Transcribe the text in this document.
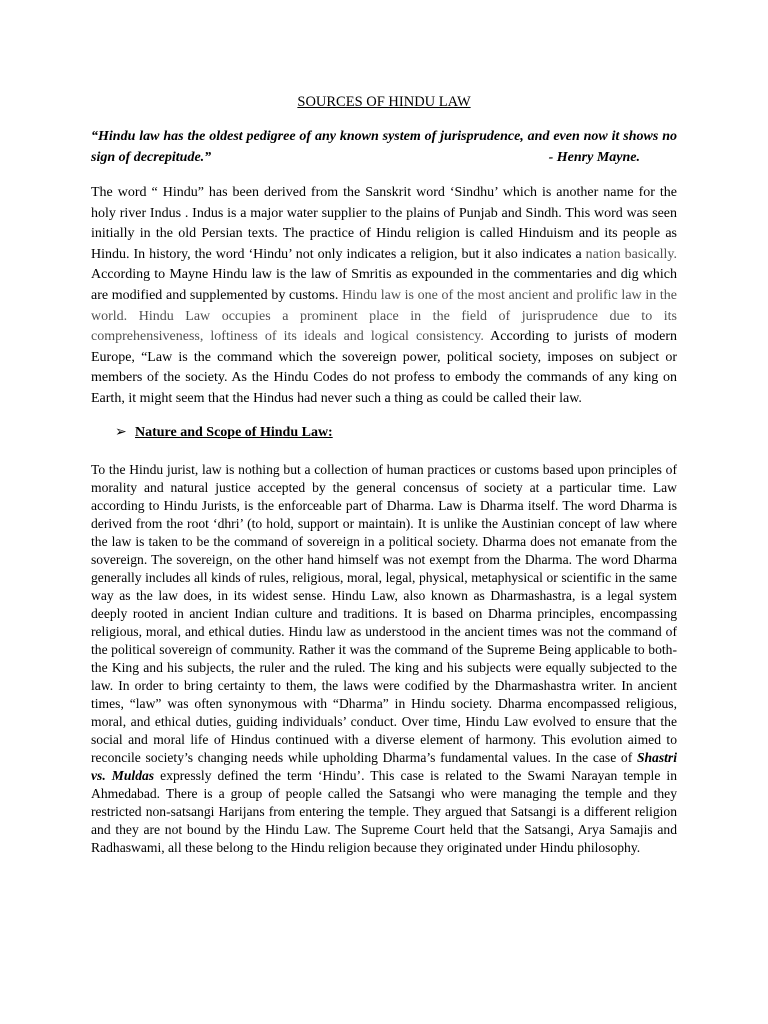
SOURCES OF HINDU LAW
“Hindu law has the oldest pedigree of any known system of jurisprudence, and even now it shows no sign of decrepitude.”	- Henry Mayne.

The word “ Hindu” has been derived from the Sanskrit word ‘Sindhu’ which is another name for the holy river Indus . Indus is a major water supplier to the plains of Punjab and Sindh. This word was seen initially in the old Persian texts. The practice of Hindu religion is called Hinduism and its people as Hindu. In history, the word ‘Hindu’ not only indicates a religion, but it also indicates a nation basically. According to Mayne Hindu law is the law of Smritis as expounded in the commentaries and dig which are modified and supplemented by customs. Hindu law is one of the most ancient and prolific law in the world. Hindu Law occupies a prominent place in the field of jurisprudence due to its comprehensiveness, loftiness of its ideals and logical consistency. According to jurists of modern Europe, “Law is the command which the sovereign power, political society, imposes on subject or members of the society. As the Hindu Codes do not profess to embody the commands of any king on Earth, it might seem that the Hindus had never such a thing as could be called their law.

➢ Nature and Scope of Hindu Law:

To the Hindu jurist, law is nothing but a collection of human practices or customs based upon principles of morality and natural justice accepted by the general concensus of society at a particular time. Law according to Hindu Jurists, is the enforceable part of Dharma. Law is Dharma itself. The word Dharma is derived from the root ‘dhri’ (to hold, support or maintain). It is unlike the Austinian concept of law where the law is taken to be the command of sovereign in a political society. Dharma does not emanate from the sovereign. The sovereign, on the other hand himself was not exempt from the Dharma. The word Dharma generally includes all kinds of rules, religious, moral, legal, physical, metaphysical or scientific in the same way as the law does, in its widest sense. Hindu Law, also known as Dharmashastra, is a legal system deeply rooted in ancient Indian culture and traditions. It is based on Dharma principles, encompassing religious, moral, and ethical duties. Hindu law as understood in the ancient times was not the command of the political sovereign of community. Rather it was the command of the Supreme Being applicable to both- the King and his subjects, the ruler and the ruled. The king and his subjects were equally subjected to the law. In order to bring certainty to them, the laws were codified by the Dharmashastra writer. In ancient times, “law” was often synonymous with “Dharma” in Hindu society. Dharma encompassed religious, moral, and ethical duties, guiding individuals’ conduct. Over time, Hindu Law evolved to ensure that the social and moral life of Hindus continued with a diverse element of harmony. This evolution aimed to reconcile society’s changing needs while upholding Dharma’s fundamental values. In the case of Shastri vs. Muldas expressly defined the term ‘Hindu’. This case is related to the Swami Narayan temple in Ahmedabad. There is a group of people called the Satsangi who were managing the temple and they restricted non-satsangi Harijans from entering the temple. They argued that Satsangi is a different religion and they are not bound by the Hindu Law. The Supreme Court held that the Satsangi, Arya Samajis and Radhaswami, all these belong to the Hindu religion because they originated under Hindu philosophy.
